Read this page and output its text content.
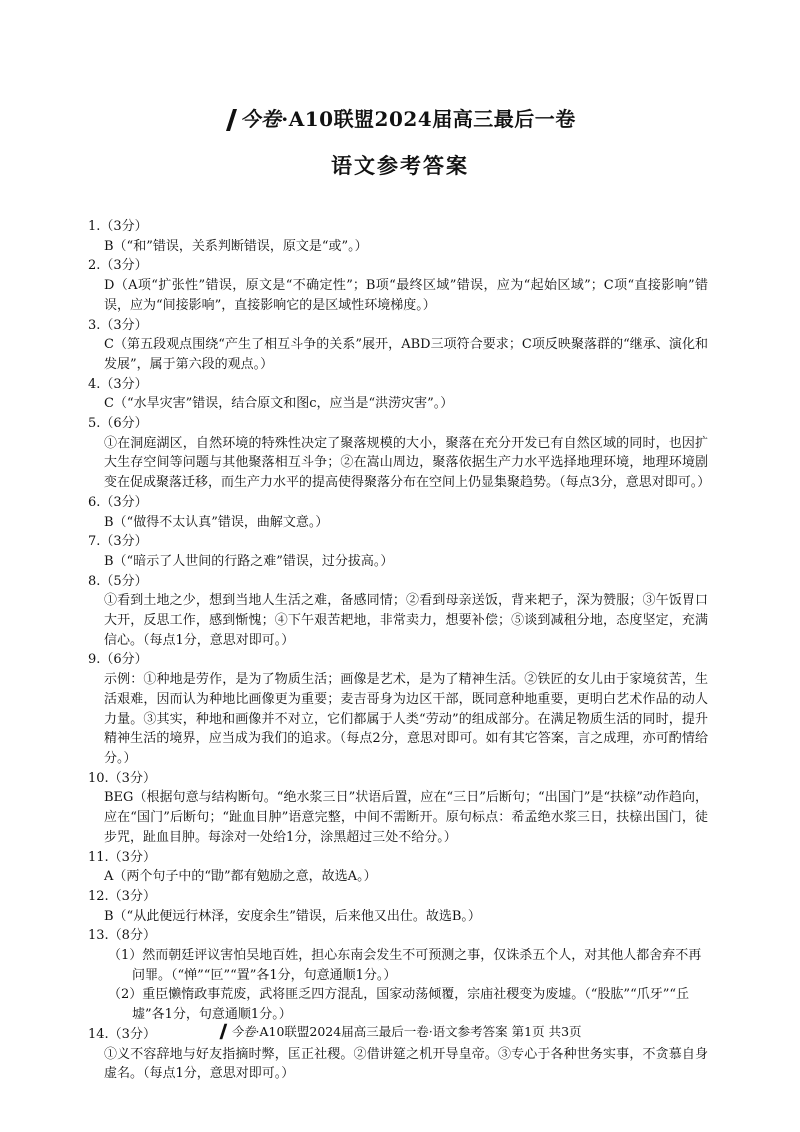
今卷·A10联盟2024届高三最后一卷
语文参考答案

1.（3分）

B（“和”错误，关系判断错误，原文是“或”。）

2.（3分）

D（A项“扩张性”错误，原文是“不确定性”；B项“最终区域”错误，应为“起始区域”；C项“直接影响”错误，应为“间接影响”，直接影响它的是区域性环境梯度。）

3.（3分）

C（第五段观点围绕“产生了相互斗争的关系”展开，ABD三项符合要求；C项反映聚落群的“继承、演化和发展”，属于第六段的观点。）

4.（3分）

C（“水旱灾害”错误，结合原文和图c，应当是“洪涝灾害”。）

5.（6分）

①在洞庭湖区，自然环境的特殊性决定了聚落规模的大小，聚落在充分开发已有自然区域的同时，也因扩大生存空间等问题与其他聚落相互斗争；②在嵩山周边，聚落依据生产力水平选择地理环境，地理环境剧变在促成聚落迁移，而生产力水平的提高使得聚落分布在空间上仍显集聚趋势。（每点3分，意思对即可。）

6.（3分）

B（“做得不太认真”错误，曲解文意。）

7.（3分）

B（“暗示了人世间的行路之难”错误，过分拔高。）

8.（5分）

①看到土地之少，想到当地人生活之难，备感同情；②看到母亲送饭，背来耙子，深为赞服；③午饭胃口大开，反思工作，感到惭愧；④下午艰苦耙地，非常卖力，想要补偿；⑤谈到减租分地，态度坚定，充满信心。（每点1分，意思对即可。）

9.（6分）

示例：①种地是劳作，是为了物质生活；画像是艺术，是为了精神生活。②铁匠的女儿由于家境贫苦，生活艰难，因而认为种地比画像更为重要；麦吉哥身为边区干部，既同意种地重要，更明白艺术作品的动人力量。③其实，种地和画像并不对立，它们都属于人类“劳动”的组成部分。在满足物质生活的同时，提升精神生活的境界，应当成为我们的追求。（每点2分，意思对即可。如有其它答案，言之成理，亦可酌情给分。）

10.（3分）

BEG（根据句意与结构断句。“绝水浆三日”状语后置，应在“三日”后断句；“出国门”是“扶榇”动作趋向，应在“国门”后断句；“趾血目肿”语意完整，中间不需断开。原句标点：希孟绝水浆三日，扶榇出国门，徒步咒，趾血目肿。每涂对一处给1分，涂黑超过三处不给分。）

11.（3分）

A（两个句子中的“勖”都有勉励之意，故选A。）

12.（3分）

B（“从此便远行林泽，安度余生”错误，后来他又出仕。故选B。）

13.（8分）

（1）然而朝廷评议害怕吴地百姓，担心东南会发生不可预测之事，仅诛杀五个人，对其他人都舍弃不再问罪。（“惮”“叵”“置”各1分，句意通顺1分。）
（2）重臣懒惰政事荒废，武将匪乏四方混乱，国家动荡倾覆，宗庙社稷变为废墟。（“股肱”“爪牙”“丘墟”各1分，句意通顺1分。）

14.（3分）

①义不容辞地与好友指摘时弊，匡正社稷。②借讲筵之机开导皇帝。③专心于各种世务实事，不贪慕自身虚名。（每点1分，意思对即可。）

今卷·A10联盟2024届高三最后一卷·语文参考答案 第1页 共3页
